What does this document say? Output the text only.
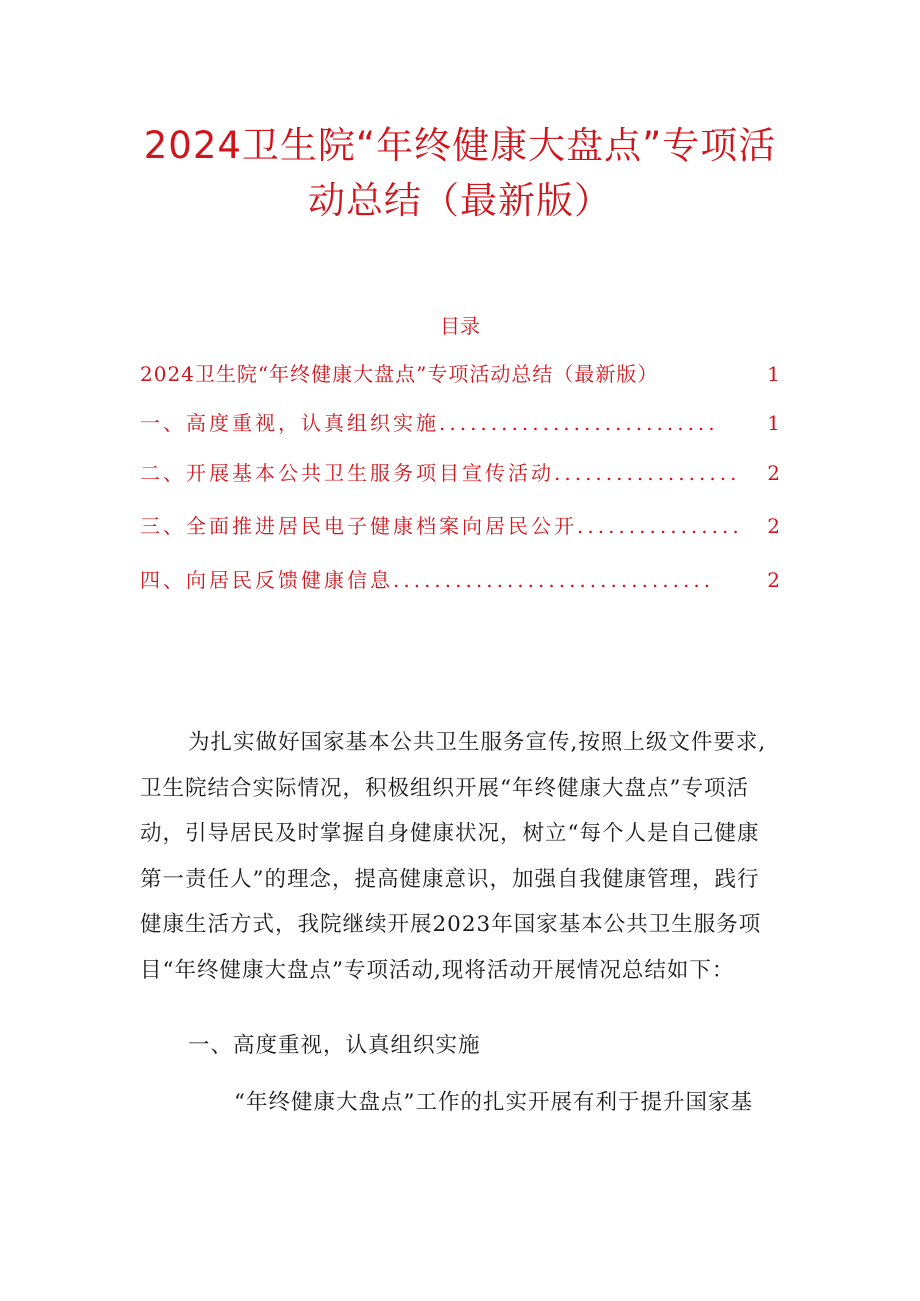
2024卫生院“年终健康大盘点”专项活
动总结（最新版）
目录
2024卫生院“年终健康大盘点”专项活动总结（最新版）	1
一、高度重视，认真组织实施 ...........................	1
二、开展基本公共卫生服务项目宣传活动 ..................	2
三、全面推进居民电子健康档案向居民公开 ................	2
四、向居民反馈健康信息 ...............................	2
为扎实做好国家基本公共卫生服务宣传,按照上级文件要求,
卫生院结合实际情况，积极组织开展“年终健康大盘点”专项活
动，引导居民及时掌握自身健康状况，树立“每个人是自己健康
第一责任人”的理念，提高健康意识，加强自我健康管理，践行
健康生活方式，我院继续开展2023年国家基本公共卫生服务项
目“年终健康大盘点”专项活动,现将活动开展情况总结如下：
一、高度重视，认真组织实施
“年终健康大盘点”工作的扎实开展有利于提升国家基
